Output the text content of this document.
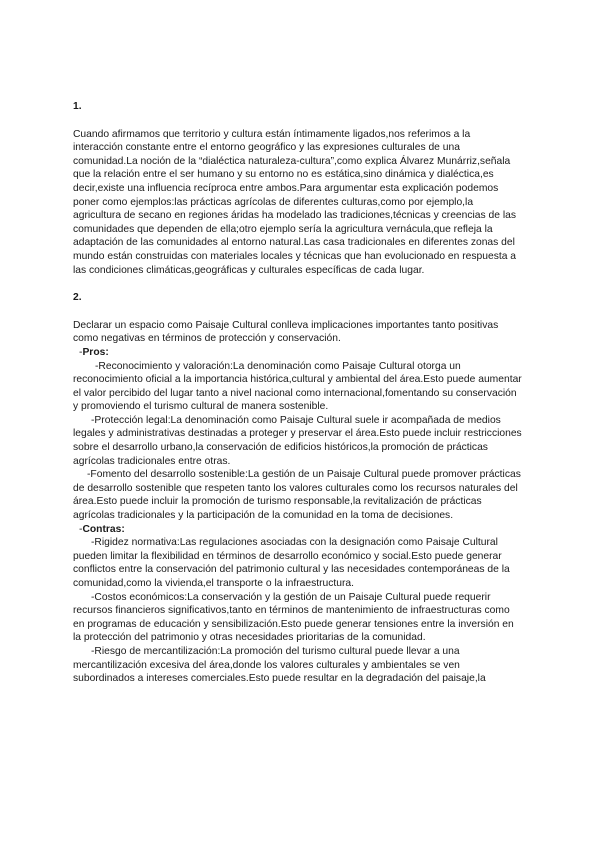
1.

Cuando afirmamos que territorio y cultura están íntimamente ligados,nos referimos a la interacción constante entre el entorno geográfico y las expresiones culturales de una comunidad.La noción de la “dialéctica naturaleza-cultura”,como explica Álvarez Munárriz,señala que la relación entre el ser humano y su entorno no es estática,sino dinámica y dialéctica,es decir,existe una influencia recíproca entre ambos.Para argumentar esta explicación podemos poner como ejemplos:las prácticas agrícolas de diferentes culturas,como por ejemplo,la agricultura de secano en regiones áridas ha modelado las tradiciones,técnicas y creencias de las comunidades que dependen de ella;otro ejemplo sería la agricultura vernácula,que refleja la adaptación de las comunidades al entorno natural.Las casa tradicionales en diferentes zonas del mundo están construidas con materiales locales y técnicas que han evolucionado en respuesta a las condiciones climáticas,geográficas y culturales específicas de cada lugar.

2.

Declarar un espacio como Paisaje Cultural conlleva implicaciones importantes tanto positivas como negativas en términos de protección y conservación.

-Pros:

-Reconocimiento y valoración:La denominación como Paisaje Cultural otorga un reconocimiento oficial a la importancia histórica,cultural y ambiental del área.Esto puede aumentar el valor percibido del lugar tanto a nivel nacional como internacional,fomentando su conservación y promoviendo el turismo cultural de manera sostenible.

-Protección legal:La denominación como Paisaje Cultural suele ir acompañada de medios legales y administrativas destinadas a proteger y preservar el área.Esto puede incluir restricciones sobre el desarrollo urbano,la conservación de edificios históricos,la promoción de prácticas agrícolas tradicionales entre otras.

-Fomento del desarrollo sostenible:La gestión de un Paisaje Cultural puede promover prácticas de desarrollo sostenible que respeten tanto los valores culturales como los recursos naturales del área.Esto puede incluir la promoción de turismo responsable,la revitalización de prácticas agrícolas tradicionales y la participación de la comunidad en la toma de decisiones.

-Contras:

-Rigidez normativa:Las regulaciones asociadas con la designación como Paisaje Cultural pueden limitar la flexibilidad en términos de desarrollo económico y social.Esto puede generar conflictos entre la conservación del patrimonio cultural y las necesidades contemporáneas de la comunidad,como la vivienda,el transporte o la infraestructura.

-Costos económicos:La conservación y la gestión de un Paisaje Cultural puede requerir recursos financieros significativos,tanto en términos de mantenimiento de infraestructuras como en programas de educación y sensibilización.Esto puede generar tensiones entre la inversión en la protección del patrimonio y otras necesidades prioritarias de la comunidad.

-Riesgo de mercantilización:La promoción del turismo cultural puede llevar a una mercantilización excesiva del área,donde los valores culturales y ambientales se ven subordinados a intereses comerciales.Esto puede resultar en la degradación del paisaje,la
